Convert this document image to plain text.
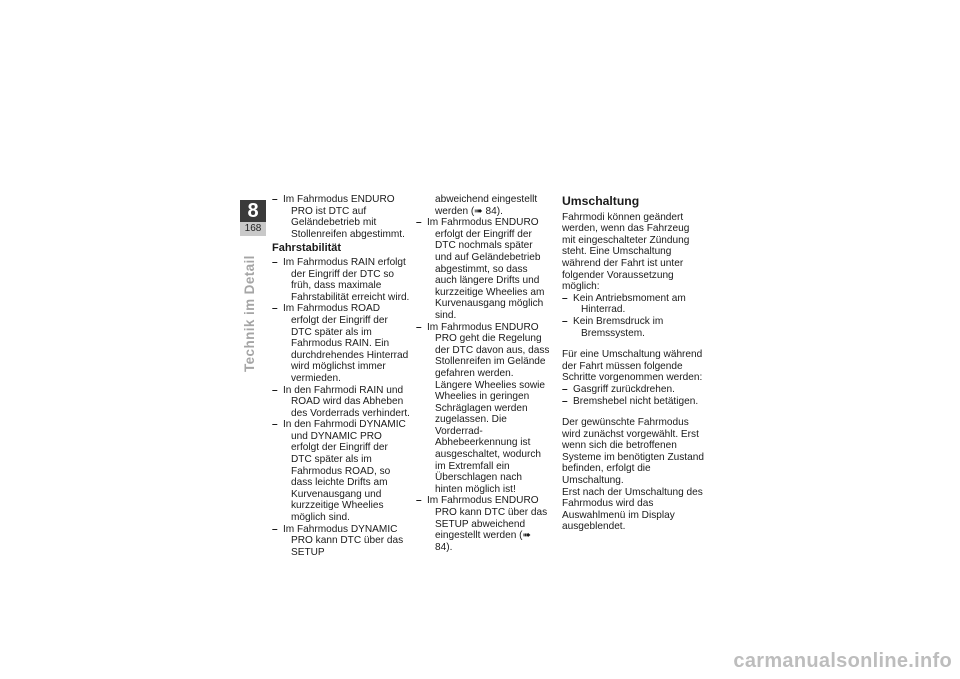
8
168
Technik im Detail
– Im Fahrmodus ENDURO PRO ist DTC auf Geländebetrieb mit Stollenreifen abgestimmt.
Fahrstabilität
– Im Fahrmodus RAIN erfolgt der Eingriff der DTC so früh, dass maximale Fahrstabilität erreicht wird.
– Im Fahrmodus ROAD erfolgt der Eingriff der DTC später als im Fahrmodus RAIN. Ein durchdrehendes Hinterrad wird möglichst immer vermieden.
– In den Fahrmodi RAIN und ROAD wird das Abheben des Vorderrads verhindert.
– In den Fahrmodi DYNAMIC und DYNAMIC PRO erfolgt der Eingriff der DTC später als im Fahrmodus ROAD, so dass leichte Drifts am Kurvenausgang und kurzzeitige Wheelies möglich sind.
– Im Fahrmodus DYNAMIC PRO kann DTC über das SETUP
abweichend eingestellt werden (➠ 84).
– Im Fahrmodus ENDURO erfolgt der Eingriff der DTC nochmals später und auf Geländebetrieb abgestimmt, so dass auch längere Drifts und kurzzeitige Wheelies am Kurvenausgang möglich sind.
– Im Fahrmodus ENDURO PRO geht die Regelung der DTC davon aus, dass Stollenreifen im Gelände gefahren werden. Längere Wheelies sowie Wheelies in geringen Schräglagen werden zugelassen. Die Vorderrad-Abhebeerkennung ist ausgeschaltet, wodurch im Extremfall ein Überschlagen nach hinten möglich ist!
– Im Fahrmodus ENDURO PRO kann DTC über das SETUP abweichend eingestellt werden (➠ 84).
Umschaltung

Fahrmodi können geändert werden, wenn das Fahrzeug mit eingeschalteter Zündung steht. Eine Umschaltung während der Fahrt ist unter folgender Voraussetzung möglich:

– Kein Antriebsmoment am Hinterrad.
– Kein Bremsdruck im Bremssystem.

Für eine Umschaltung während der Fahrt müssen folgende Schritte vorgenommen werden:

– Gasgriff zurückdrehen.
– Bremshebel nicht betätigen.

Der gewünschte Fahrmodus wird zunächst vorgewählt. Erst wenn sich die betroffenen Systeme im benötigten Zustand befinden, erfolgt die Umschaltung.

Erst nach der Umschaltung des Fahrmodus wird das Auswahlmenü im Display ausgeblendet.

carmanualsonline.info
